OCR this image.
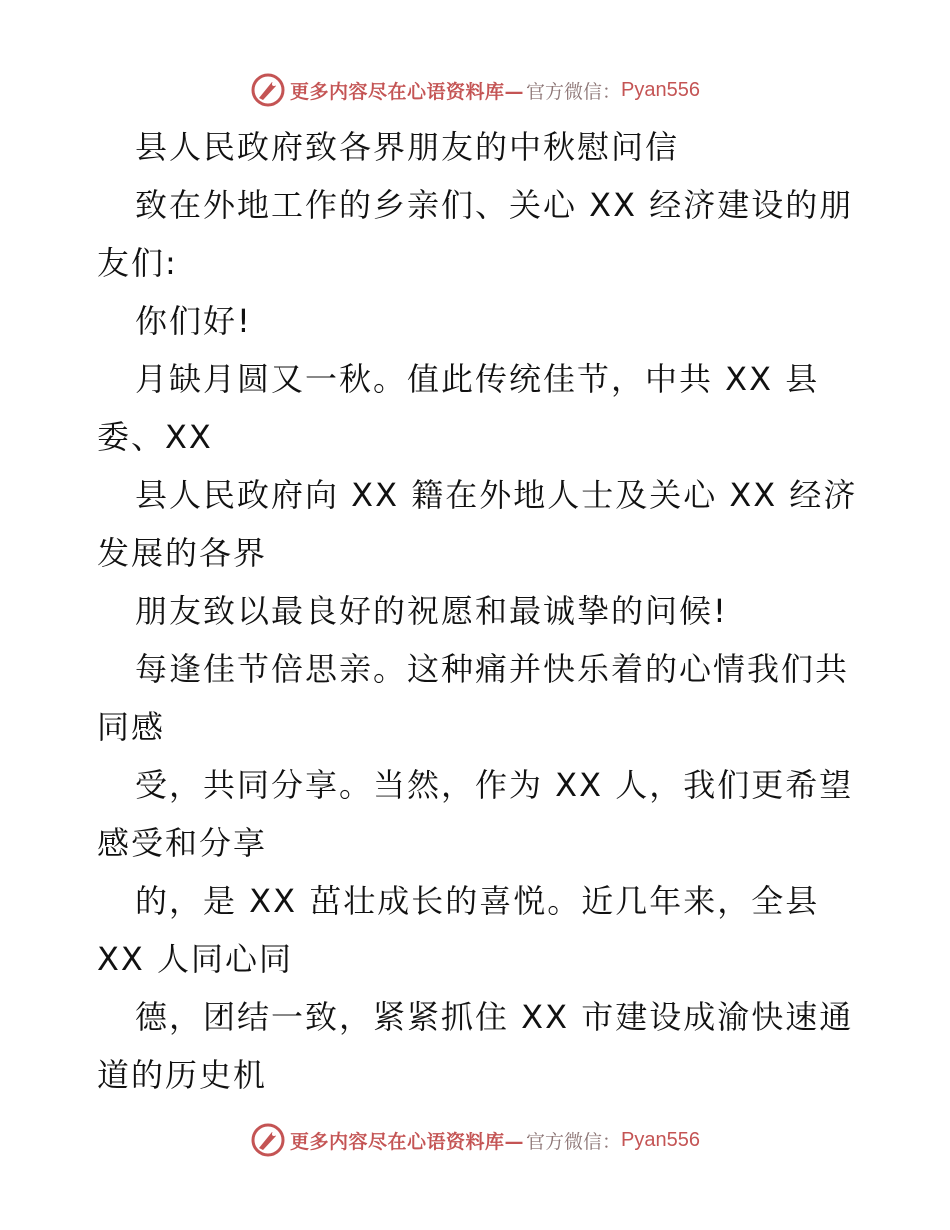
更多内容尽在心语资料库— 官方微信： Pyan556
县人民政府致各界朋友的中秋慰问信
致在外地工作的乡亲们、关心 XX 经济建设的朋
友们:
你们好!
月缺月圆又一秋。值此传统佳节，中共 XX 县
委、XX
县人民政府向 XX 籍在外地人士及关心 XX 经济
发展的各界
朋友致以最良好的祝愿和最诚挚的问候!
每逢佳节倍思亲。这种痛并快乐着的心情我们共
同感
受，共同分享。当然，作为 XX 人，我们更希望
感受和分享
的，是 XX 茁壮成长的喜悦。近几年来，全县
XX 人同心同
德，团结一致，紧紧抓住 XX 市建设成渝快速通
道的历史机
更多内容尽在心语资料库— 官方微信： Pyan556
